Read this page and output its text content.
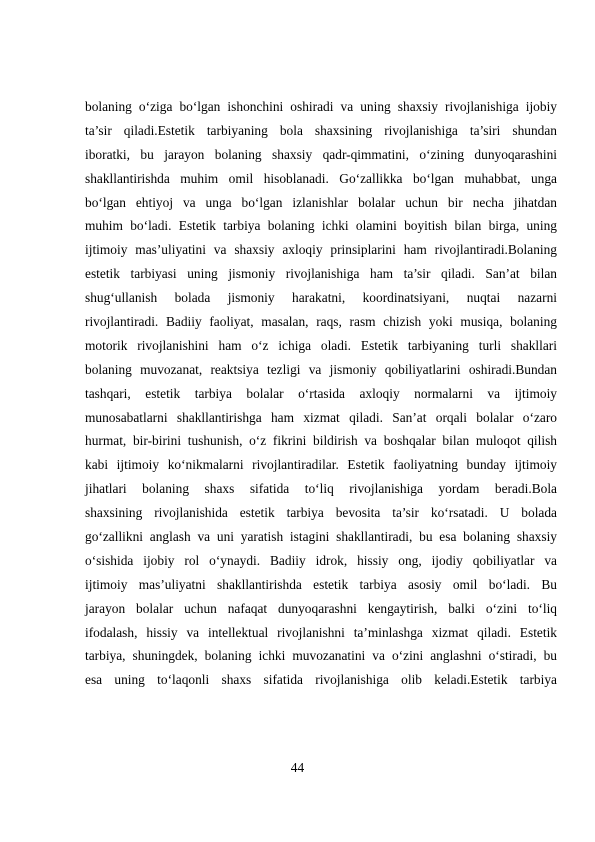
bolaning o‘ziga bo‘lgan ishonchini oshiradi va uning shaxsiy rivojlanishiga ijobiy
ta’sir qiladi.Estetik tarbiyaning bola shaxsining rivojlanishiga ta’siri shundan
iboratki, bu jarayon bolaning shaxsiy qadr-qimmatini, o‘zining dunyoqarashini
shakllantirishda muhim omil hisoblanadi. Go‘zallikka bo‘lgan muhabbat, unga
bo‘lgan ehtiyoj va unga bo‘lgan izlanishlar bolalar uchun bir necha jihatdan
muhim bo‘ladi. Estetik tarbiya bolaning ichki olamini boyitish bilan birga, uning
ijtimoiy mas’uliyatini va shaxsiy axloqiy prinsiplarini ham rivojlantiradi.Bolaning
estetik tarbiyasi uning jismoniy rivojlanishiga ham ta’sir qiladi. San’at bilan
shug‘ullanish bolada jismoniy harakatni, koordinatsiyani, nuqtai nazarni
rivojlantiradi. Badiiy faoliyat, masalan, raqs, rasm chizish yoki musiqa, bolaning
motorik rivojlanishini ham o‘z ichiga oladi. Estetik tarbiyaning turli shakllari
bolaning muvozanat, reaktsiya tezligi va jismoniy qobiliyatlarini oshiradi.Bundan
tashqari, estetik tarbiya bolalar o‘rtasida axloqiy normalarni va ijtimoiy
munosabatlarni shakllantirishga ham xizmat qiladi. San’at orqali bolalar o‘zaro
hurmat, bir-birini tushunish, o‘z fikrini bildirish va boshqalar bilan muloqot qilish
kabi ijtimoiy ko‘nikmalarni rivojlantiradilar. Estetik faoliyatning bunday ijtimoiy
jihatlari bolaning shaxs sifatida to‘liq rivojlanishiga yordam beradi.Bola
shaxsining rivojlanishida estetik tarbiya bevosita ta’sir ko‘rsatadi. U bolada
go‘zallikni anglash va uni yaratish istagini shakllantiradi, bu esa bolaning shaxsiy
o‘sishida ijobiy rol o‘ynaydi. Badiiy idrok, hissiy ong, ijodiy qobiliyatlar va
ijtimoiy mas’uliyatni shakllantirishda estetik tarbiya asosiy omil bo‘ladi. Bu
jarayon bolalar uchun nafaqat dunyoqarashni kengaytirish, balki o‘zini to‘liq
ifodalash, hissiy va intellektual rivojlanishni ta’minlashga xizmat qiladi. Estetik
tarbiya, shuningdek, bolaning ichki muvozanatini va o‘zini anglashni o‘stiradi, bu
esa uning to‘laqonli shaxs sifatida rivojlanishiga olib keladi.Estetik tarbiya

44
